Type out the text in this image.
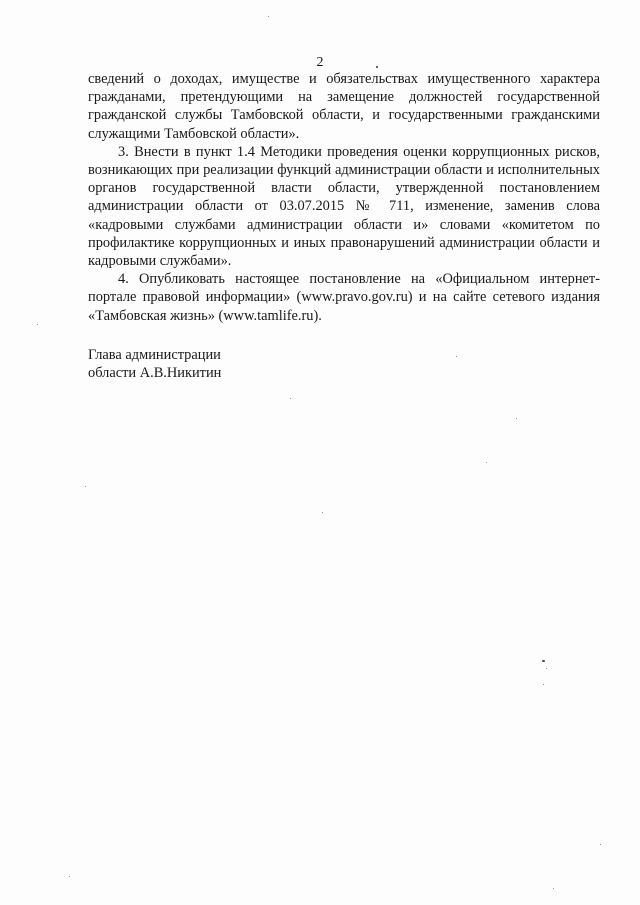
2

сведений о доходах, имуществе и обязательствах имущественного характера гражданами, претендующими на замещение должностей государственной гражданской службы Тамбовской области, и государственными гражданскими служащими Тамбовской области».

3. Внести в пункт 1.4 Методики проведения оценки коррупционных рисков, возникающих при реализации функций администрации области и исполнительных органов государственной власти области, утвержденной постановлением администрации области от 03.07.2015 № 711, изменение, заменив слова «кадровыми службами администрации области и» словами «комитетом по профилактике коррупционных и иных правонарушений администрации области и кадровыми службами».

4. Опубликовать настоящее постановление на «Официальном интернет-портале правовой информации» (www.pravo.gov.ru) и на сайте сетевого издания «Тамбовская жизнь» (www.tamlife.ru).

Глава администрации
области А.В.Никитин
